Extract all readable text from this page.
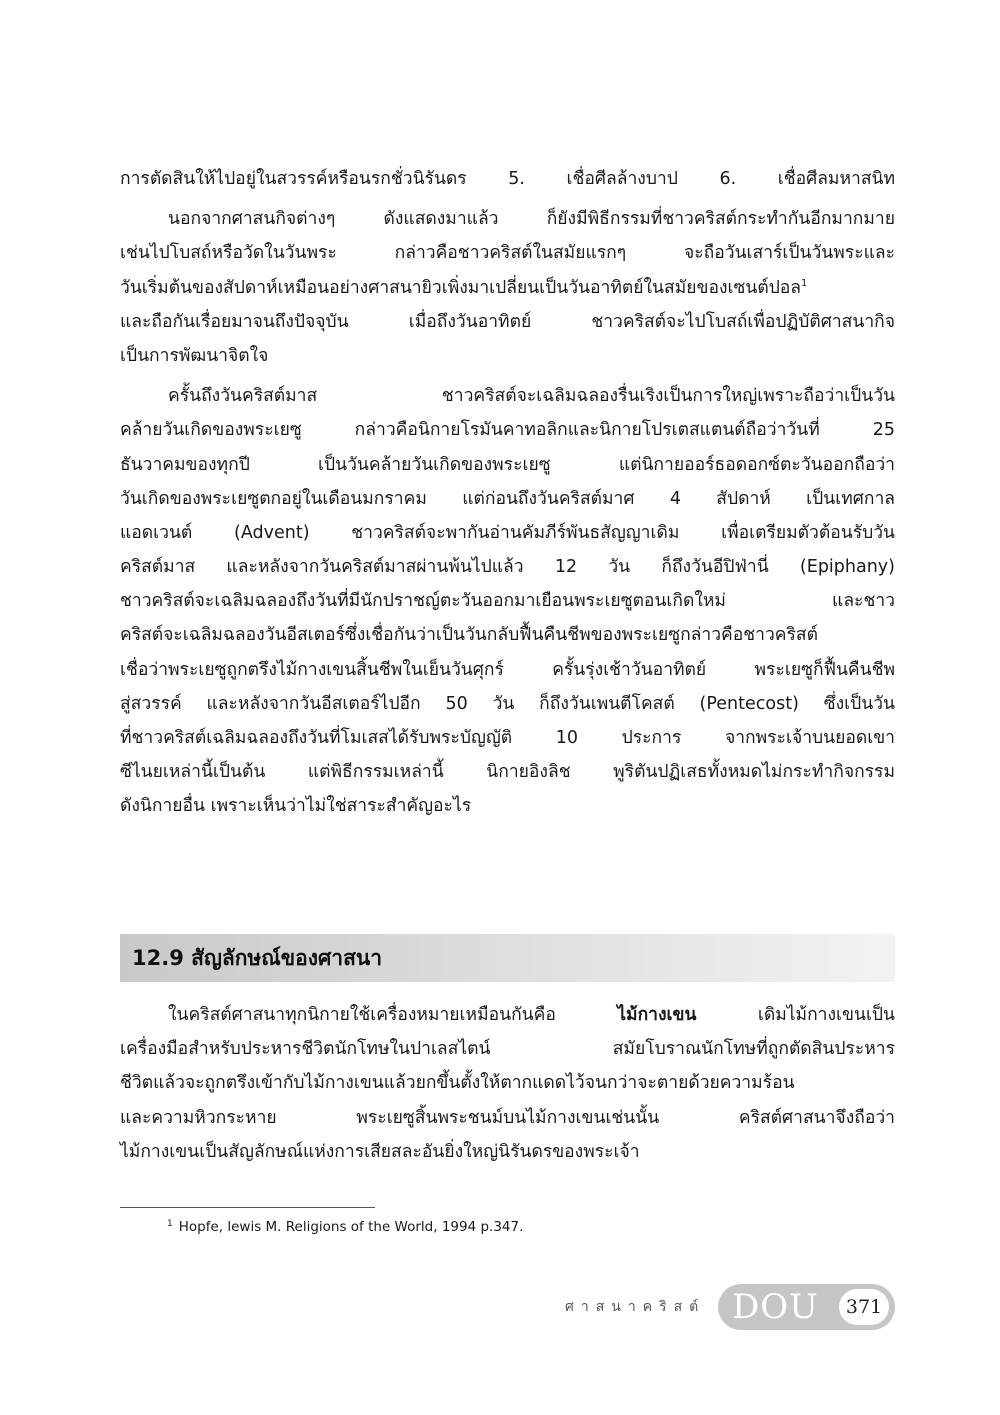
การตัดสินให้ไปอยู่ในสวรรค์หรือนรกชั่วนิรันดร 5. เชื่อศีลล้างบาป 6. เชื่อศีลมหาสนิท
นอกจากศาสนกิจต่างๆ ดังแสดงมาแล้ว ก็ยังมีพิธีกรรมที่ชาวคริสต์กระทำกันอีกมากมาย
เช่นไปโบสถ์หรือวัดในวันพระ กล่าวคือชาวคริสต์ในสมัยแรกๆ จะถือวันเสาร์เป็นวันพระและ
วันเริ่มต้นของสัปดาห์เหมือนอย่างศาสนายิวเพิ่งมาเปลี่ยนเป็นวันอาทิตย์ในสมัยของเซนต์ปอล$^1$
และถือกันเรื่อยมาจนถึงปัจจุบัน เมื่อถึงวันอาทิตย์ ชาวคริสต์จะไปโบสถ์เพื่อปฏิบัติศาสนากิจ
เป็นการพัฒนาจิตใจ
ครั้นถึงวันคริสต์มาส ชาวคริสต์จะเฉลิมฉลองรื่นเริงเป็นการใหญ่เพราะถือว่าเป็นวัน
คล้ายวันเกิดของพระเยซู กล่าวคือนิกายโรมันคาทอลิกและนิกายโปรเตสแตนต์ถือว่าวันที่ 25
ธันวาคมของทุกปี เป็นวันคล้ายวันเกิดของพระเยซู แต่นิกายออร์ธอดอกซ์ตะวันออกถือว่า
วันเกิดของพระเยซูตกอยู่ในเดือนมกราคม แต่ก่อนถึงวันคริสต์มาศ 4 สัปดาห์ เป็นเทศกาล
แอดเวนต์ (Advent) ชาวคริสต์จะพากันอ่านคัมภีร์พันธสัญญาเดิม เพื่อเตรียมตัวต้อนรับวัน
คริสต์มาส และหลังจากวันคริสต์มาสผ่านพ้นไปแล้ว 12 วัน ก็ถึงวันอีปิฟ่านี่ (Epiphany)
ชาวคริสต์จะเฉลิมฉลองถึงวันที่มีนักปราชญ์ตะวันออกมาเยือนพระเยซูตอนเกิดใหม่ และชาว
คริสต์จะเฉลิมฉลองวันอีสเตอร์ซึ่งเชื่อกันว่าเป็นวันกลับฟื้นคืนชีพของพระเยซูกล่าวคือชาวคริสต์
เชื่อว่าพระเยซูถูกตรึงไม้กางเขนสิ้นชีพในเย็นวันศุกร์ ครั้นรุ่งเช้าวันอาทิตย์ พระเยซูก็ฟื้นคืนชีพ
สู่สวรรค์ และหลังจากวันอีสเตอร์ไปอีก 50 วัน ก็ถึงวันเพนตีโคสต์ (Pentecost) ซึ่งเป็นวัน
ที่ชาวคริสต์เฉลิมฉลองถึงวันที่โมเสสได้รับพระบัญญัติ 10 ประการ จากพระเจ้าบนยอดเขา
ซีไนยเหล่านี้เป็นต้น แต่พิธีกรรมเหล่านี้ นิกายอิงลิช พูริตันปฏิเสธทั้งหมดไม่กระทำกิจกรรม
ดังนิกายอื่น เพราะเห็นว่าไม่ใช่สาระสำคัญอะไร
12.9 สัญลักษณ์ของศาสนา
ในคริสต์ศาสนาทุกนิกายใช้เครื่องหมายเหมือนกันคือ ไม้กางเขน เดิมไม้กางเขนเป็น
เครื่องมือสำหรับประหารชีวิตนักโทษในปาเลสไตน์ สมัยโบราณนักโทษที่ถูกตัดสินประหาร
ชีวิตแล้วจะถูกตรึงเข้ากับไม้กางเขนแล้วยกขึ้นตั้งให้ตากแดดไว้จนกว่าจะตายด้วยความร้อน
และความหิวกระหาย พระเยซูสิ้นพระชนม์บนไม้กางเขนเช่นนั้น คริสต์ศาสนาจึงถือว่า
ไม้กางเขนเป็นสัญลักษณ์แห่งการเสียสละอันยิ่งใหญ่นิรันดรของพระเจ้า
$^1$ Hopfe, lewis M. Religions of the World, 1994 p.347.
ศาสนาคริสต์ DOU	371
